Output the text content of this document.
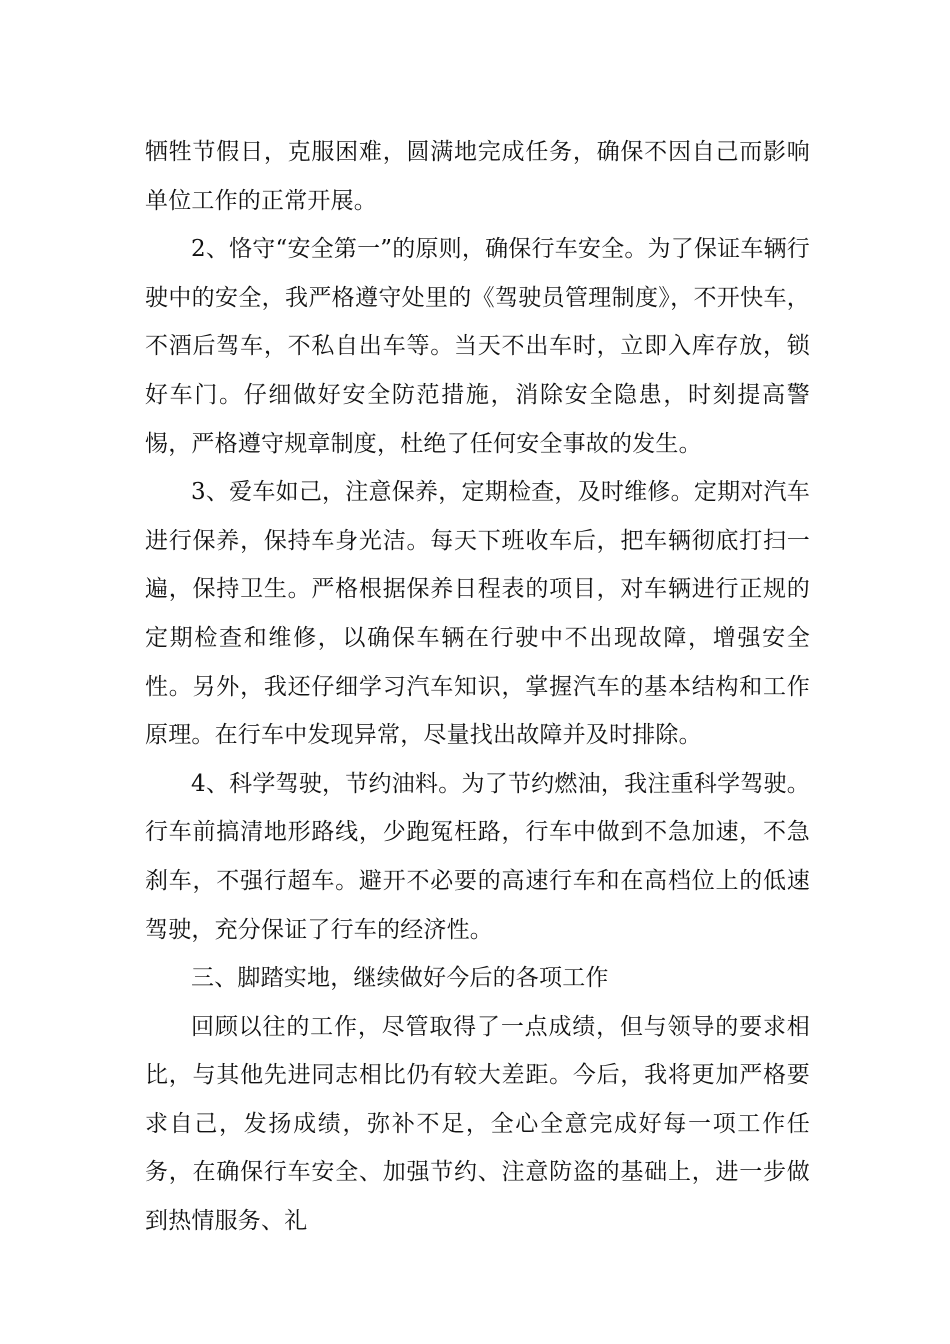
牺牲节假日，克服困难，圆满地完成任务，确保不因自己而影响单位工作的正常开展。

2、恪守“安全第一”的原则，确保行车安全。为了保证车辆行驶中的安全，我严格遵守处里的《驾驶员管理制度》，不开快车，不酒后驾车，不私自出车等。当天不出车时，立即入库存放，锁好车门。仔细做好安全防范措施，消除安全隐患，时刻提高警惕，严格遵守规章制度，杜绝了任何安全事故的发生。

3、爱车如己，注意保养，定期检查，及时维修。定期对汽车进行保养，保持车身光洁。每天下班收车后，把车辆彻底打扫一遍，保持卫生。严格根据保养日程表的项目，对车辆进行正规的定期检查和维修，以确保车辆在行驶中不出现故障，增强安全性。另外，我还仔细学习汽车知识，掌握汽车的基本结构和工作原理。在行车中发现异常，尽量找出故障并及时排除。

4、科学驾驶，节约油料。为了节约燃油，我注重科学驾驶。行车前搞清地形路线，少跑冤枉路，行车中做到不急加速，不急刹车，不强行超车。避开不必要的高速行车和在高档位上的低速驾驶，充分保证了行车的经济性。

三、脚踏实地，继续做好今后的各项工作

回顾以往的工作，尽管取得了一点成绩，但与领导的要求相比，与其他先进同志相比仍有较大差距。今后，我将更加严格要求自己，发扬成绩，弥补不足，全心全意完成好每一项工作任务，在确保行车安全、加强节约、注意防盗的基础上，进一步做到热情服务、礼
